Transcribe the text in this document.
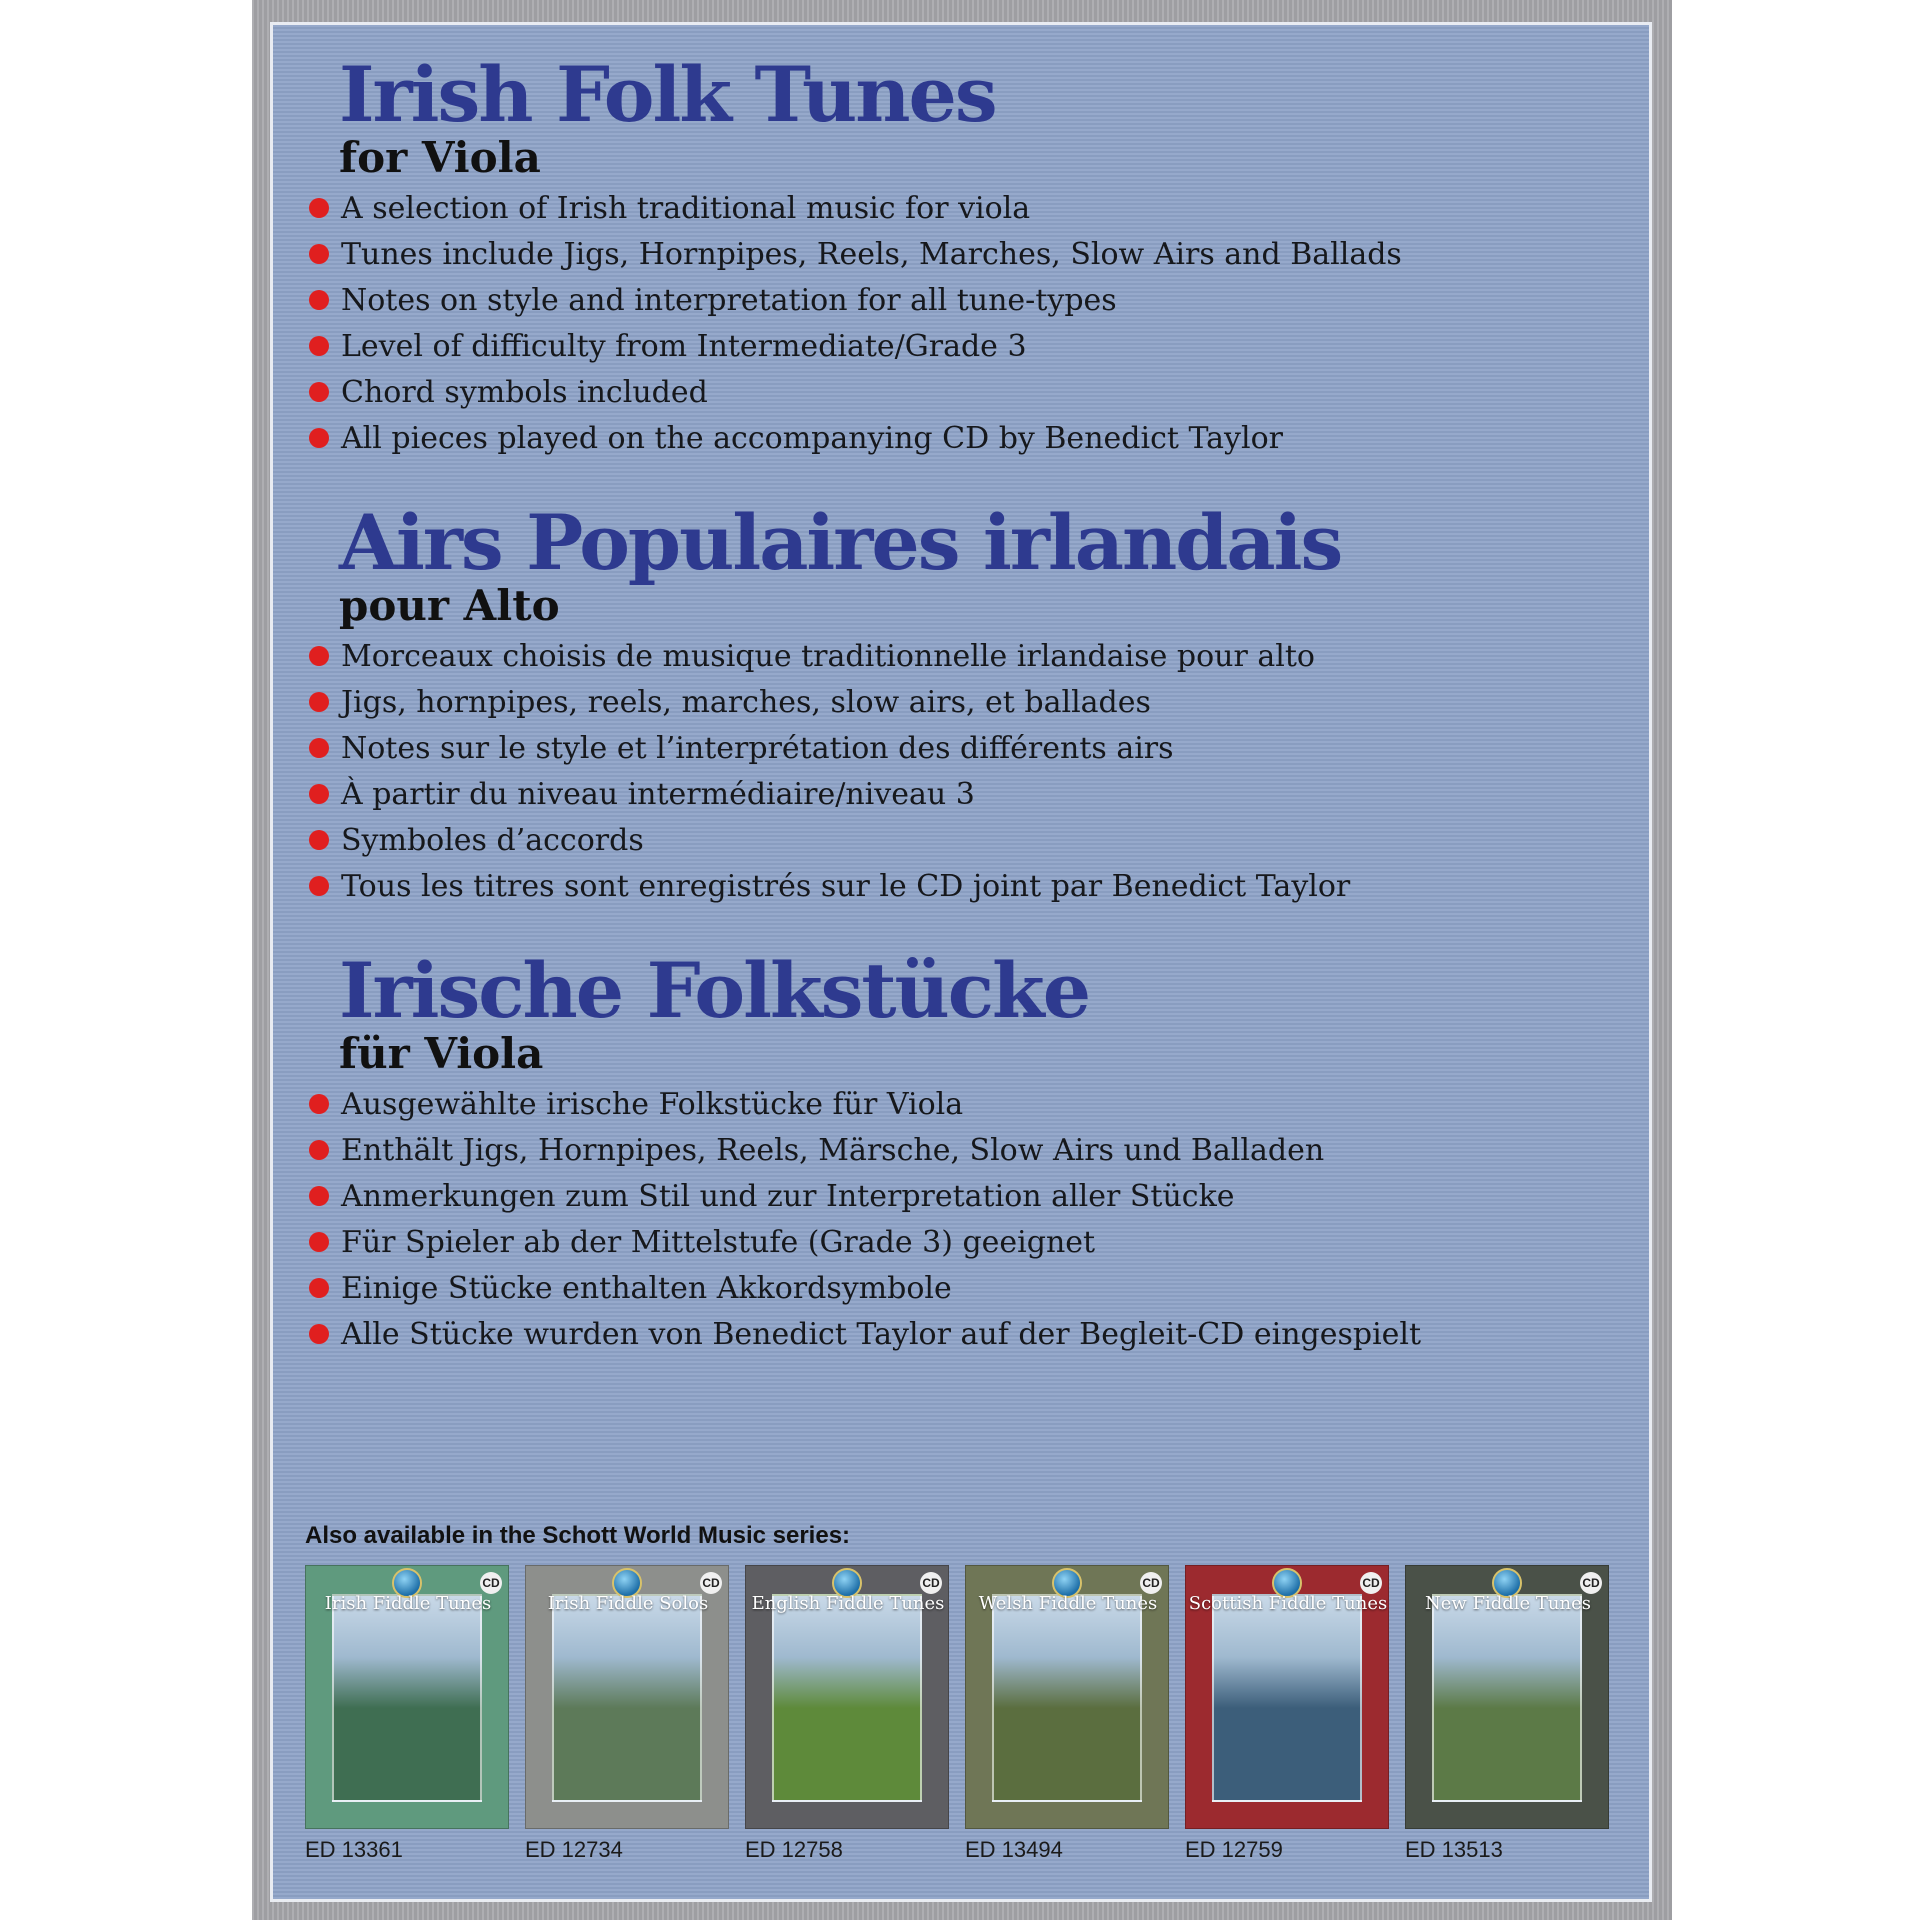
Irish Folk Tunes
for Viola
A selection of Irish traditional music for viola
Tunes include Jigs, Hornpipes, Reels, Marches, Slow Airs and Ballads
Notes on style and interpretation for all tune-types
Level of difficulty from Intermediate/Grade 3
Chord symbols included
All pieces played on the accompanying CD by Benedict Taylor
Airs Populaires irlandais
pour Alto
Morceaux choisis de musique traditionnelle irlandaise pour alto
Jigs, hornpipes, reels, marches, slow airs, et ballades
Notes sur le style et l’interprétation des différents airs
À partir du niveau intermédiaire/niveau 3
Symboles d’accords
Tous les titres sont enregistrés sur le CD joint par Benedict Taylor
Irische Folkstücke
für Viola
Ausgewählte irische Folkstücke für Viola
Enthält Jigs, Hornpipes, Reels, Märsche, Slow Airs und Balladen
Anmerkungen zum Stil und zur Interpretation aller Stücke
Für Spieler ab der Mittelstufe (Grade 3) geeignet
Einige Stücke enthalten Akkordsymbole
Alle Stücke wurden von Benedict Taylor auf der Begleit-CD eingespielt
Also available in the Schott World Music series:
CD
Irish Fiddle Tunes
ED 13361
CD
Irish Fiddle Solos
ED 12734
CD
English Fiddle Tunes
ED 12758
CD
Welsh Fiddle Tunes
ED 13494
CD
Scottish Fiddle Tunes
ED 12759
CD
New Fiddle Tunes
ED 13513
